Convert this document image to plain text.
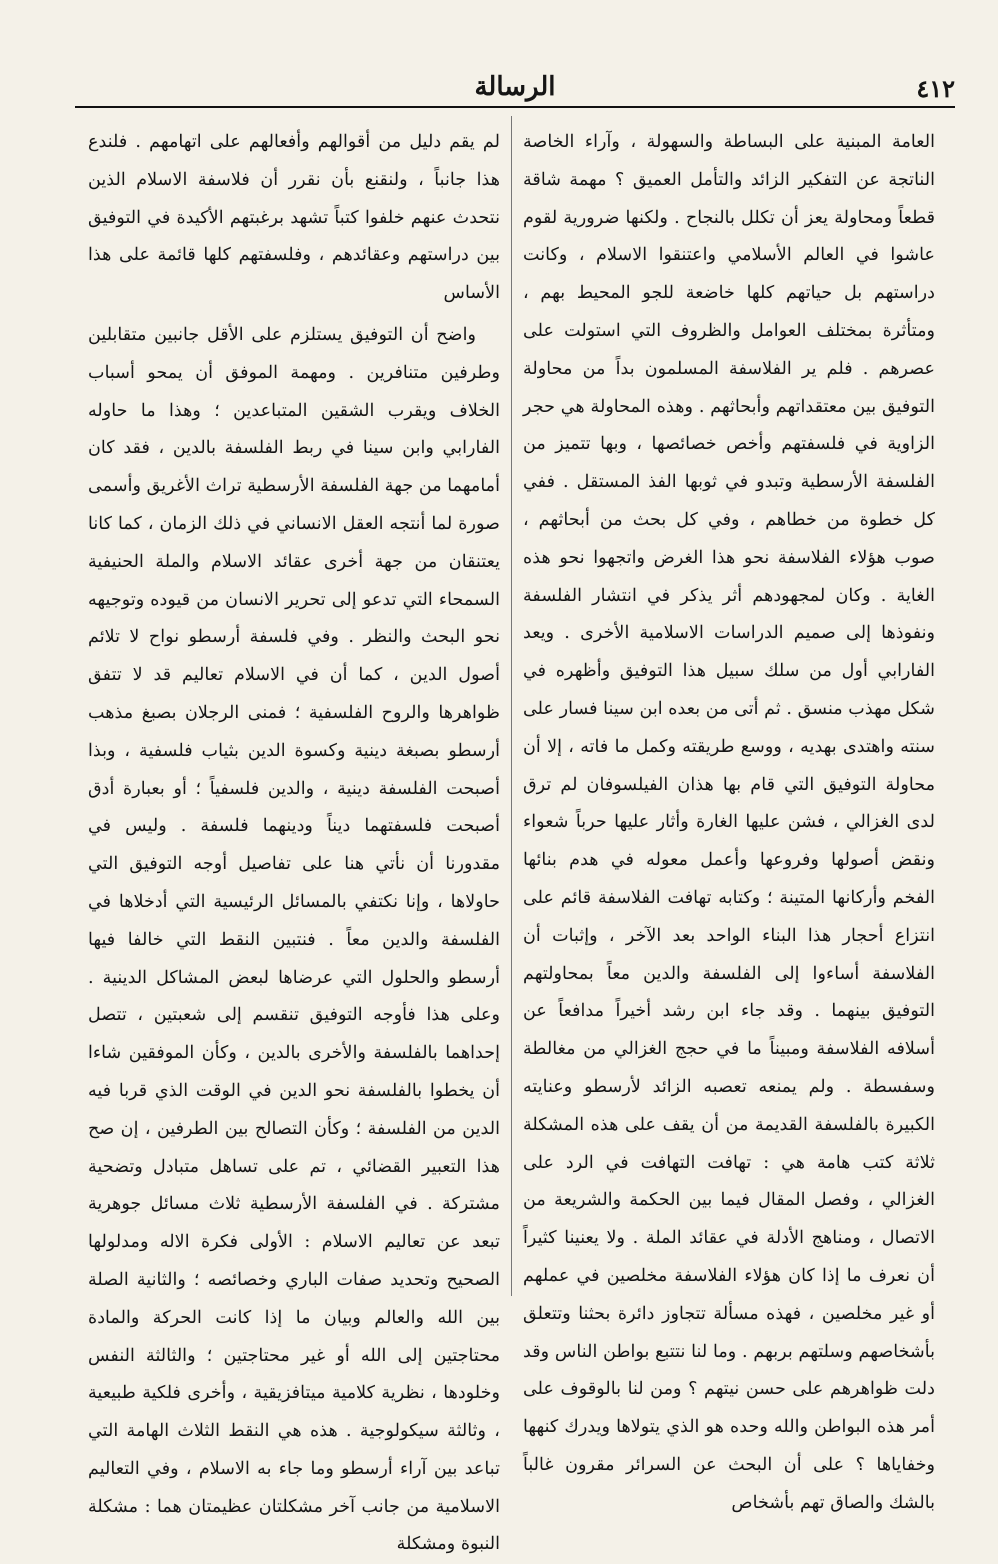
٤١٢
الرسالة

العامة المبنية على البساطة والسهولة ، وآراء الخاصة الناتجة عن التفكير الزائد والتأمل العميق ؟ مهمة شاقة قطعاً ومحاولة يعز أن تكلل بالنجاح . ولكنها ضرورية لقوم عاشوا في العالم الأسلامي واعتنقوا الاسلام ، وكانت دراستهم بل حياتهم كلها خاضعة للجو المحيط بهم ، ومتأثرة بمختلف العوامل والظروف التي استولت على عصرهم . فلم ير الفلاسفة المسلمون بداً من محاولة التوفيق بين معتقداتهم وأبحاثهم . وهذه المحاولة هي حجر الزاوية في فلسفتهم وأخص خصائصها ، وبها تتميز من الفلسفة الأرسطية وتبدو في ثوبها الفذ المستقل . ففي كل خطوة من خطاهم ، وفي كل بحث من أبحاثهم ، صوب هؤلاء الفلاسفة نحو هذا الغرض واتجهوا نحو هذه الغاية . وكان لمجهودهم أثر يذكر في انتشار الفلسفة ونفوذها إلى صميم الدراسات الاسلامية الأخرى . ويعد الفارابي أول من سلك سبيل هذا التوفيق وأظهره في شكل مهذب منسق . ثم أتى من بعده ابن سينا فسار على سنته واهتدى بهديه ، ووسع طريقته وكمل ما فاته ، إلا أن محاولة التوفيق التي قام بها هذان الفيلسوفان لم ترق لدى الغزالي ، فشن عليها الغارة وأثار عليها حرباً شعواء ونقض أصولها وفروعها وأعمل معوله في هدم بنائها الفخم وأركانها المتينة ؛ وكتابه تهافت الفلاسفة قائم على انتزاع أحجار هذا البناء الواحد بعد الآخر ، وإثبات أن الفلاسفة أساءوا إلى الفلسفة والدين معاً بمحاولتهم التوفيق بينهما . وقد جاء ابن رشد أخيراً مدافعاً عن أسلافه الفلاسفة ومبيناً ما في حجج الغزالي من مغالطة وسفسطة . ولم يمنعه تعصبه الزائد لأرسطو وعنايته الكبيرة بالفلسفة القديمة من أن يقف على هذه المشكلة ثلاثة كتب هامة هي : تهافت التهافت في الرد على الغزالي ، وفصل المقال فيما بين الحكمة والشريعة من الاتصال ، ومناهج الأدلة في عقائد الملة . ولا يعنينا كثيراً أن نعرف ما إذا كان هؤلاء الفلاسفة مخلصين في عملهم أو غير مخلصين ، فهذه مسألة تتجاوز دائرة بحثنا وتتعلق بأشخاصهم وسلتهم بربهم . وما لنا نتتبع بواطن الناس وقد دلت ظواهرهم على حسن نيتهم ؟ ومن لنا بالوقوف على أمر هذه البواطن والله وحده هو الذي يتولاها ويدرك كنهها وخفاياها ؟ على أن البحث عن السرائر مقرون غالباً بالشك والصاق تهم بأشخاص

لم يقم دليل من أقوالهم وأفعالهم على اتهامهم . فلندع هذا جانباً ، ولنقنع بأن نقرر أن فلاسفة الاسلام الذين نتحدث عنهم خلفوا كتباً تشهد برغبتهم الأكيدة في التوفيق بين دراستهم وعقائدهم ، وفلسفتهم كلها قائمة على هذا الأساس

واضح أن التوفيق يستلزم على الأقل جانبين متقابلين وطرفين متنافرين . ومهمة الموفق أن يمحو أسباب الخلاف ويقرب الشقين المتباعدين ؛ وهذا ما حاوله الفارابي وابن سينا في ربط الفلسفة بالدين ، فقد كان أمامهما من جهة الفلسفة الأرسطية تراث الأغريق وأسمى صورة لما أنتجه العقل الانساني في ذلك الزمان ، كما كانا يعتنقان من جهة أخرى عقائد الاسلام والملة الحنيفية السمحاء التي تدعو إلى تحرير الانسان من قيوده وتوجيهه نحو البحث والنظر . وفي فلسفة أرسطو نواح لا تلائم أصول الدين ، كما أن في الاسلام تعاليم قد لا تتفق ظواهرها والروح الفلسفية ؛ فمنى الرجلان بصبغ مذهب أرسطو بصبغة دينية وكسوة الدين بثياب فلسفية ، وبذا أصبحت الفلسفة دينية ، والدين فلسفياً ؛ أو بعبارة أدق أصبحت فلسفتهما ديناً ودينهما فلسفة . وليس في مقدورنا أن نأتي هنا على تفاصيل أوجه التوفيق التي حاولاها ، وإنا نكتفي بالمسائل الرئيسية التي أدخلاها في الفلسفة والدين معاً . فنتبين النقط التي خالفا فيها أرسطو والحلول التي عرضاها لبعض المشاكل الدينية . وعلى هذا فأوجه التوفيق تنقسم إلى شعبتين ، تتصل إحداهما بالفلسفة والأخرى بالدين ، وكأن الموفقين شاءا أن يخطوا بالفلسفة نحو الدين في الوقت الذي قربا فيه الدين من الفلسفة ؛ وكأن التصالح بين الطرفين ، إن صح هذا التعبير القضائي ، تم على تساهل متبادل وتضحية مشتركة . في الفلسفة الأرسطية ثلاث مسائل جوهرية تبعد عن تعاليم الاسلام : الأولى فكرة الاله ومدلولها الصحيح وتحديد صفات الباري وخصائصه ؛ والثانية الصلة بين الله والعالم وبيان ما إذا كانت الحركة والمادة محتاجتين إلى الله أو غير محتاجتين ؛ والثالثة النفس وخلودها ، نظرية كلامية ميتافزيقية ، وأخرى فلكية طبيعية ، وثالثة سيكولوجية . هذه هي النقط الثلاث الهامة التي تباعد بين آراء أرسطو وما جاء به الاسلام ، وفي التعاليم الاسلامية من جانب آخر مشكلتان عظيمتان هما : مشكلة النبوة ومشكلة
